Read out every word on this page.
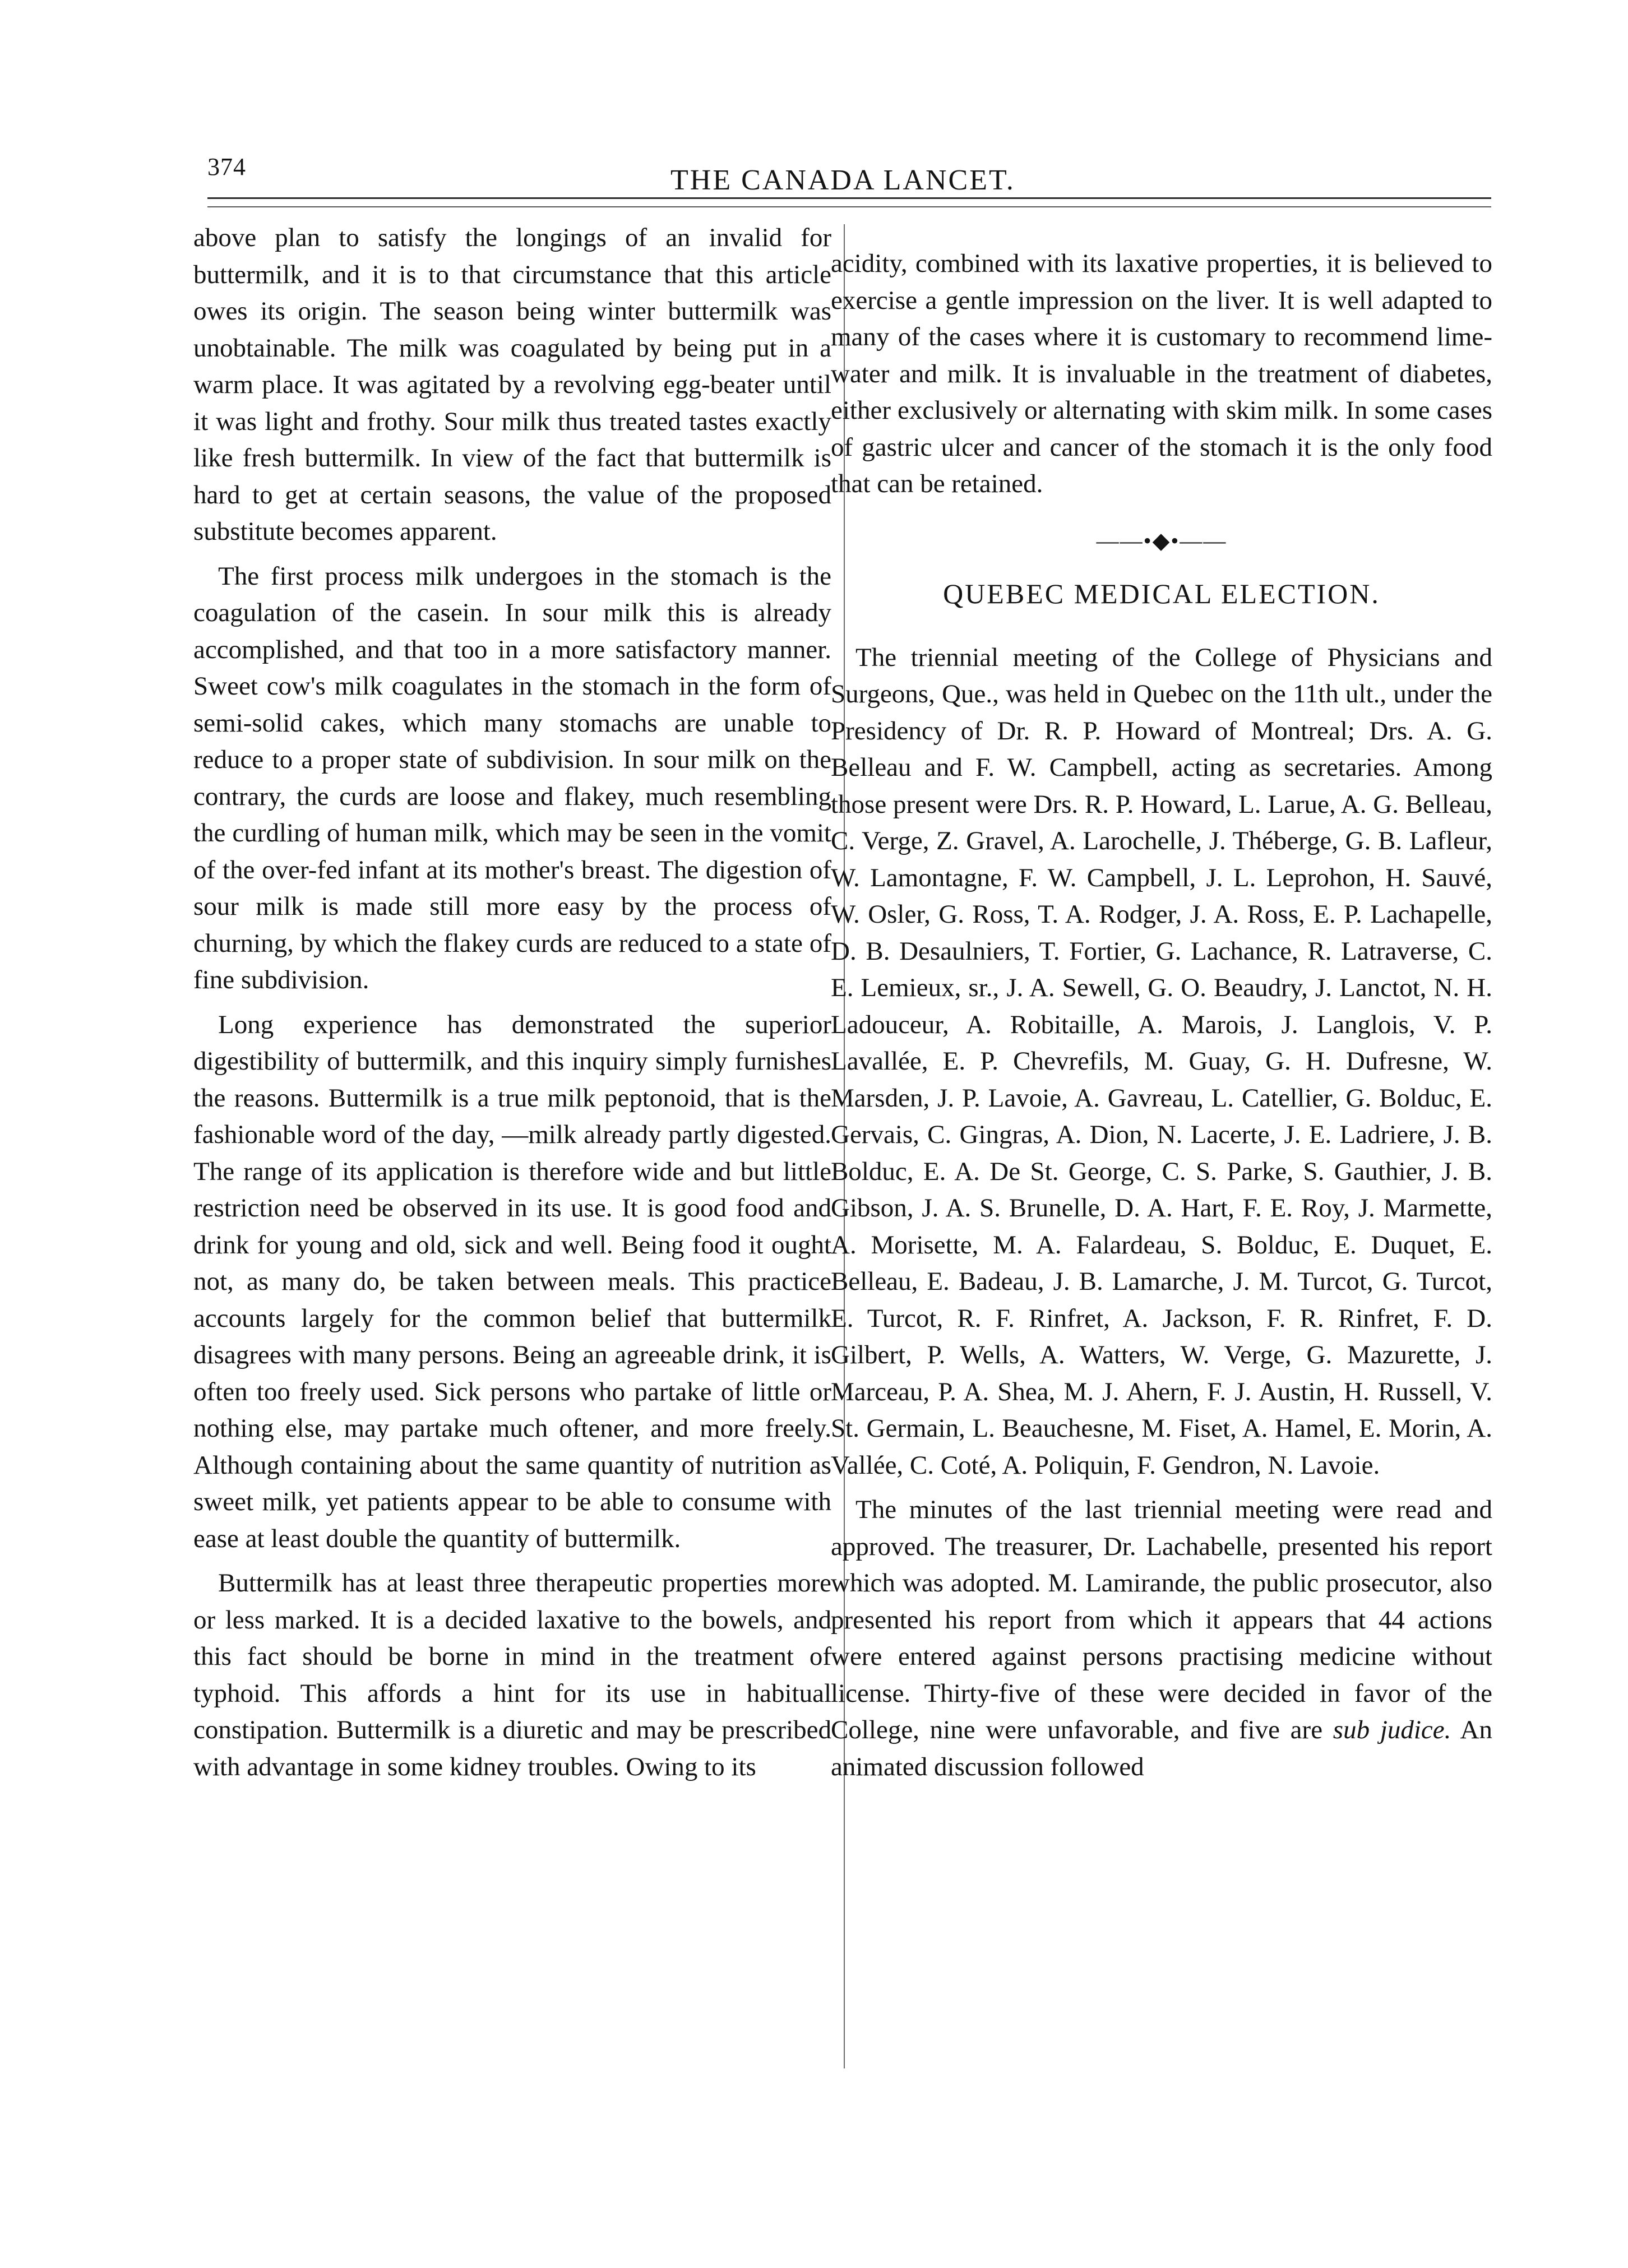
374	THE CANADA LANCET.

above plan to satisfy the longings of an invalid for buttermilk, and it is to that circumstance that this article owes its origin. The season being winter buttermilk was unobtainable. The milk was coagulated by being put in a warm place. It was agitated by a revolving egg-beater until it was light and frothy. Sour milk thus treated tastes exactly like fresh buttermilk. In view of the fact that buttermilk is hard to get at certain seasons, the value of the proposed substitute becomes apparent.

The first process milk undergoes in the stomach is the coagulation of the casein. In sour milk this is already accomplished, and that too in a more satisfactory manner. Sweet cow's milk coagulates in the stomach in the form of semi-solid cakes, which many stomachs are unable to reduce to a proper state of subdivision. In sour milk on the contrary, the curds are loose and flakey, much resembling the curdling of human milk, which may be seen in the vomit of the over-fed infant at its mother's breast. The digestion of sour milk is made still more easy by the process of churning, by which the flakey curds are reduced to a state of fine subdivision.

Long experience has demonstrated the superior digestibility of buttermilk, and this inquiry simply furnishes the reasons. Buttermilk is a true milk peptonoid, that is the fashionable word of the day, —milk already partly digested. The range of its application is therefore wide and but little restriction need be observed in its use. It is good food and drink for young and old, sick and well. Being food it ought not, as many do, be taken between meals. This practice accounts largely for the common belief that buttermilk disagrees with many persons. Being an agreeable drink, it is often too freely used. Sick persons who partake of little or nothing else, may partake much oftener, and more freely. Although containing about the same quantity of nutrition as sweet milk, yet patients appear to be able to consume with ease at least double the quantity of buttermilk.

Buttermilk has at least three therapeutic properties more or less marked. It is a decided laxative to the bowels, and this fact should be borne in mind in the treatment of typhoid. This affords a hint for its use in habitual constipation. Buttermilk is a diuretic and may be prescribed with advantage in some kidney troubles. Owing to its

acidity, combined with its laxative properties, it is believed to exercise a gentle impression on the liver. It is well adapted to many of the cases where it is customary to recommend lime-water and milk. It is invaluable in the treatment of diabetes, either exclusively or alternating with skim milk. In some cases of gastric ulcer and cancer of the stomach it is the only food that can be retained.

——•◆•——
QUEBEC MEDICAL ELECTION.

The triennial meeting of the College of Physicians and Surgeons, Que., was held in Quebec on the 11th ult., under the Presidency of Dr. R. P. Howard of Montreal; Drs. A. G. Belleau and F. W. Campbell, acting as secretaries. Among those present were Drs. R. P. Howard, L. Larue, A. G. Belleau, C. Verge, Z. Gravel, A. Larochelle, J. Théberge, G. B. Lafleur, W. Lamontagne, F. W. Campbell, J. L. Leprohon, H. Sauvé, W. Osler, G. Ross, T. A. Rodger, J. A. Ross, E. P. Lachapelle, D. B. Desaulniers, T. Fortier, G. Lachance, R. Latraverse, C. E. Lemieux, sr., J. A. Sewell, G. O. Beaudry, J. Lanctot, N. H. Ladouceur, A. Robitaille, A. Marois, J. Langlois, V. P. Lavallée, E. P. Chevrefils, M. Guay, G. H. Dufresne, W. Marsden, J. P. Lavoie, A. Gavreau, L. Catellier, G. Bolduc, E. Gervais, C. Gingras, A. Dion, N. Lacerte, J. E. Ladriere, J. B. Bolduc, E. A. De St. George, C. S. Parke, S. Gauthier, J. B. Gibson, J. A. S. Brunelle, D. A. Hart, F. E. Roy, J. Marmette, A. Morisette, M. A. Falardeau, S. Bolduc, E. Duquet, E. Belleau, E. Badeau, J. B. Lamarche, J. M. Turcot, G. Turcot, E. Turcot, R. F. Rinfret, A. Jackson, F. R. Rinfret, F. D. Gilbert, P. Wells, A. Watters, W. Verge, G. Mazurette, J. Marceau, P. A. Shea, M. J. Ahern, F. J. Austin, H. Russell, V. St. Germain, L. Beauchesne, M. Fiset, A. Hamel, E. Morin, A. Vallée, C. Coté, A. Poliquin, F. Gendron, N. Lavoie.

The minutes of the last triennial meeting were read and approved. The treasurer, Dr. Lachabelle, presented his report which was adopted. M. Lamirande, the public prosecutor, also presented his report from which it appears that 44 actions were entered against persons practising medicine without license. Thirty-five of these were decided in favor of the College, nine were unfavorable, and five are sub judice. An animated discussion followed
